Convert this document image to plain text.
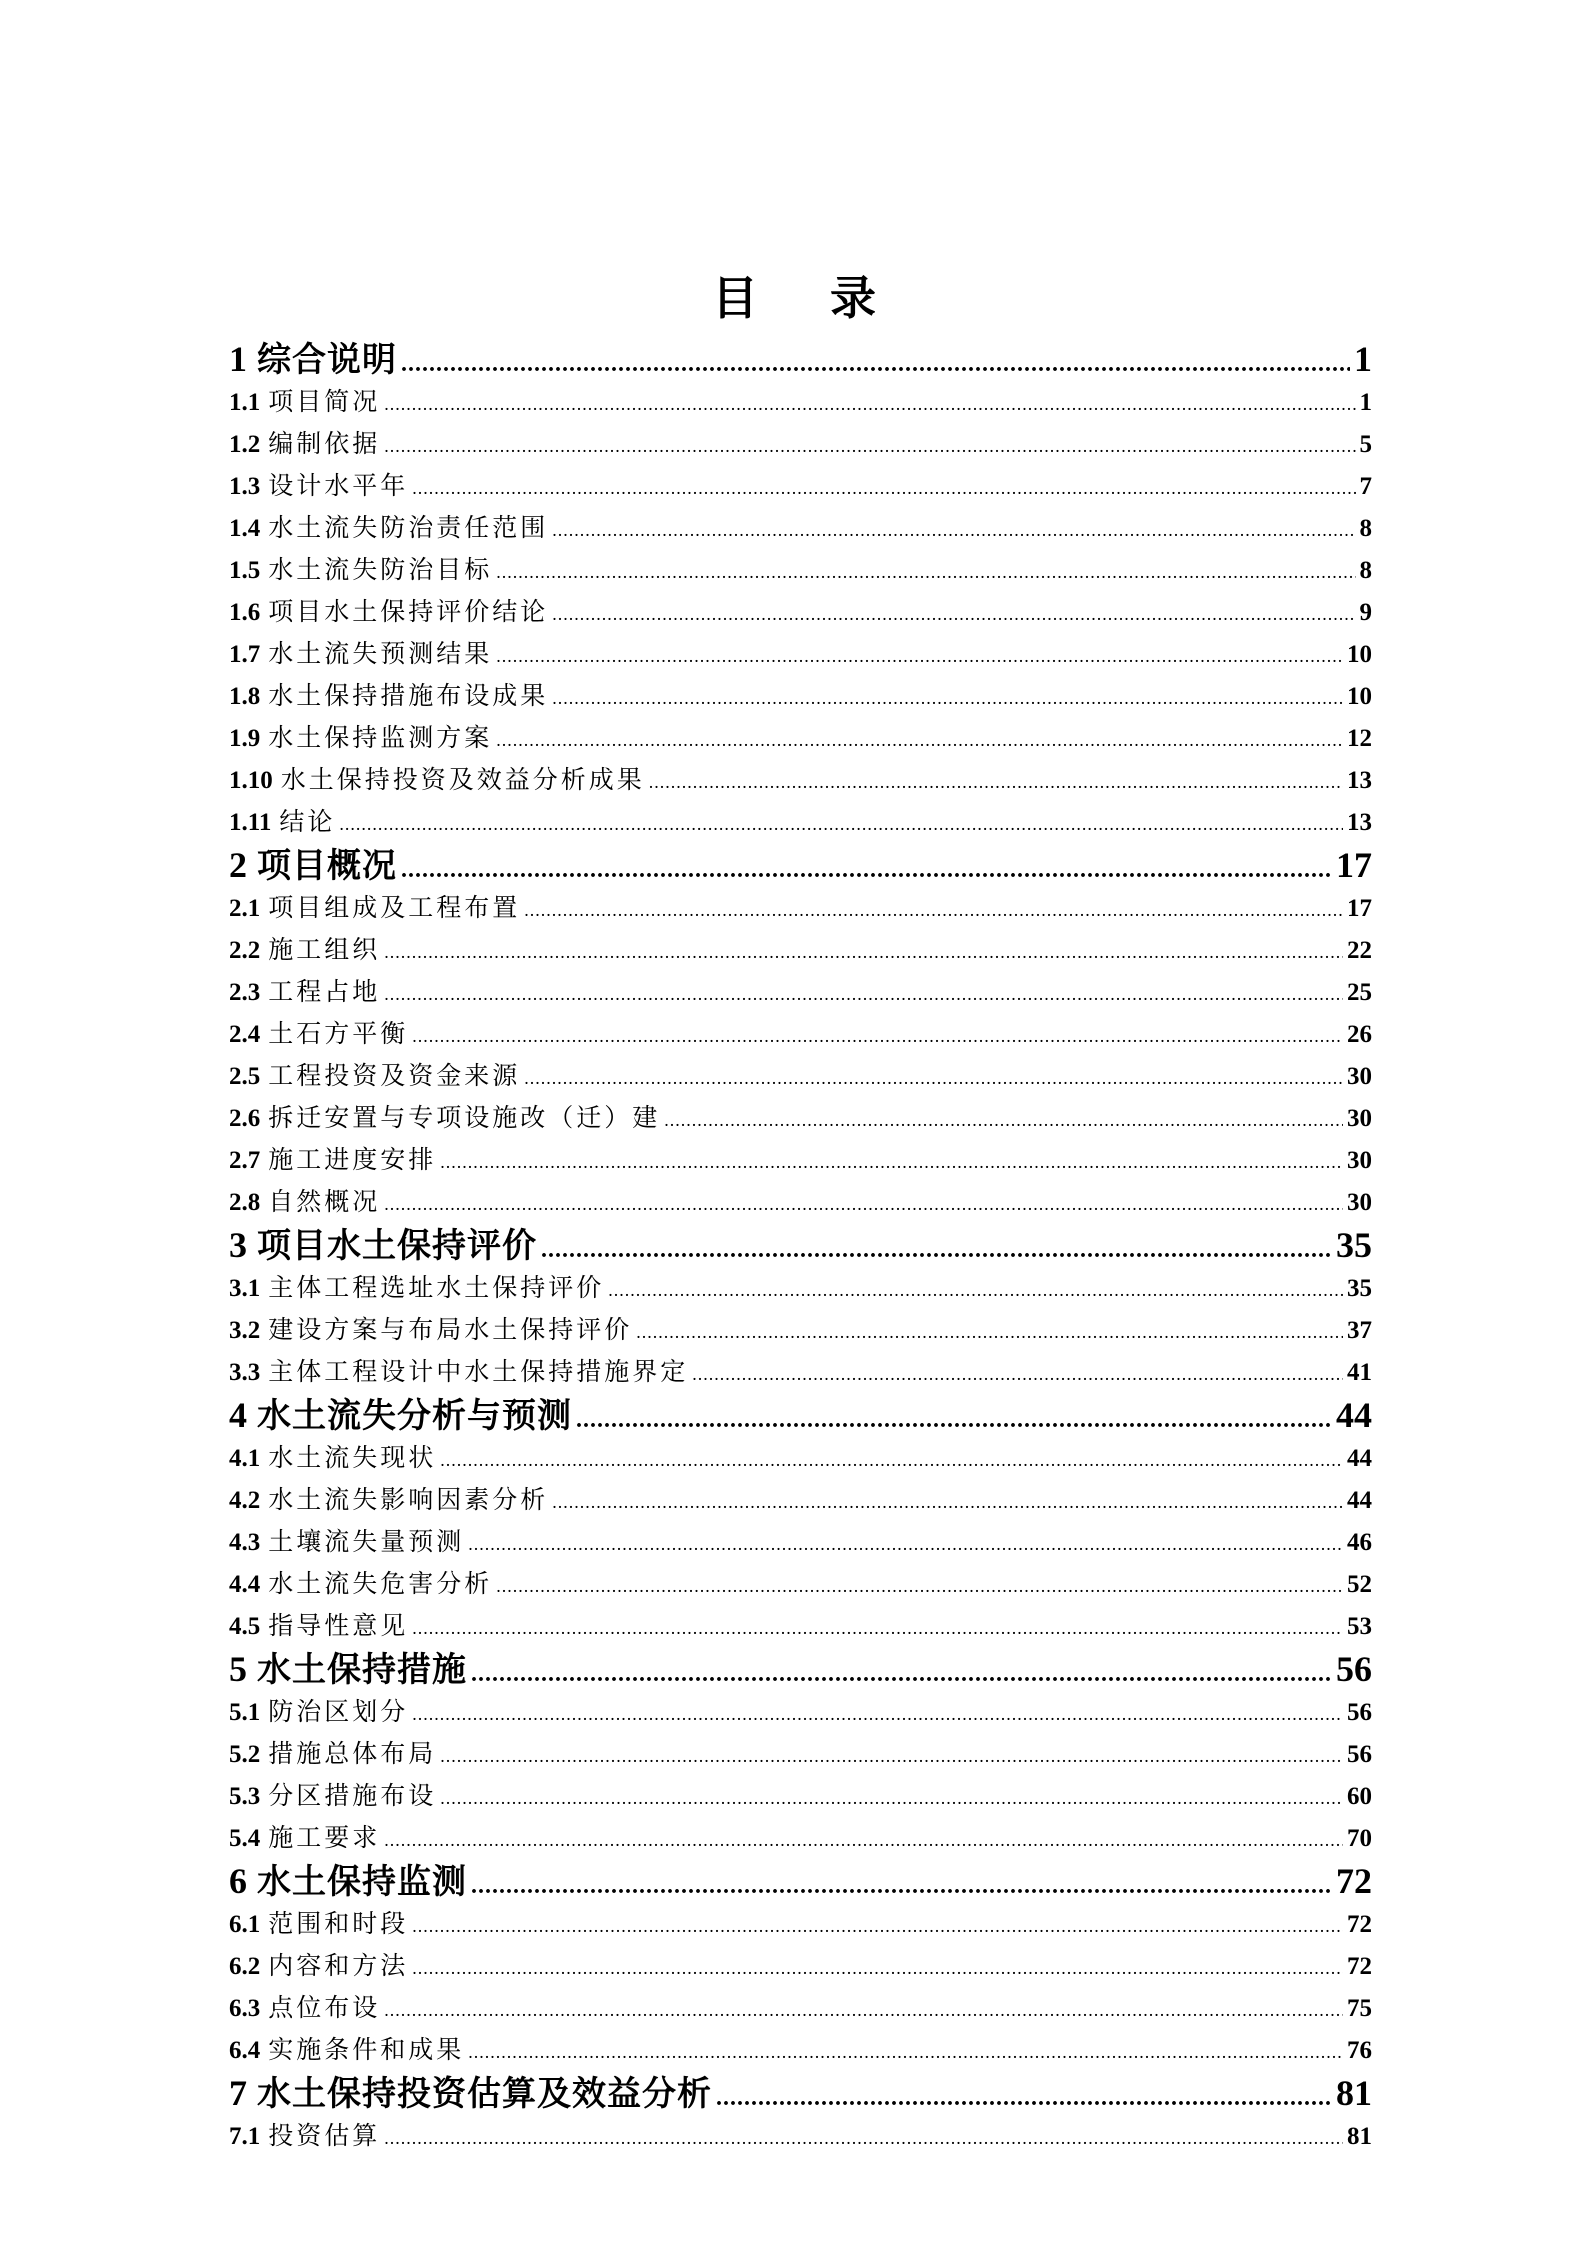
目 录
1 综合说明 .....	1
1.1 项目简况 .....	1
1.2 编制依据 .....	5
1.3 设计水平年 .....	7
1.4 水土流失防治责任范围 .....	8
1.5 水土流失防治目标 .....	8
1.6 项目水土保持评价结论 .....	9
1.7 水土流失预测结果 .....	10
1.8 水土保持措施布设成果 .....	10
1.9 水土保持监测方案 .....	12
1.10 水土保持投资及效益分析成果 .....	13
1.11 结论 .....	13
2 项目概况 .....	17
2.1 项目组成及工程布置 .....	17
2.2 施工组织 .....	22
2.3 工程占地 .....	25
2.4 土石方平衡 .....	26
2.5 工程投资及资金来源 .....	30
2.6 拆迁安置与专项设施改（迁）建 .....	30
2.7 施工进度安排 .....	30
2.8 自然概况 .....	30
3 项目水土保持评价 .....	35
3.1 主体工程选址水土保持评价 .....	35
3.2 建设方案与布局水土保持评价 .....	37
3.3 主体工程设计中水土保持措施界定 .....	41
4 水土流失分析与预测 .....	44
4.1 水土流失现状 .....	44
4.2 水土流失影响因素分析 .....	44
4.3 土壤流失量预测 .....	46
4.4 水土流失危害分析 .....	52
4.5 指导性意见 .....	53
5 水土保持措施 .....	56
5.1 防治区划分 .....	56
5.2 措施总体布局 .....	56
5.3 分区措施布设 .....	60
5.4 施工要求 .....	70
6 水土保持监测 .....	72
6.1 范围和时段 .....	72
6.2 内容和方法 .....	72
6.3 点位布设 .....	75
6.4 实施条件和成果 .....	76
7 水土保持投资估算及效益分析 .....	81
7.1 投资估算 .....	81
